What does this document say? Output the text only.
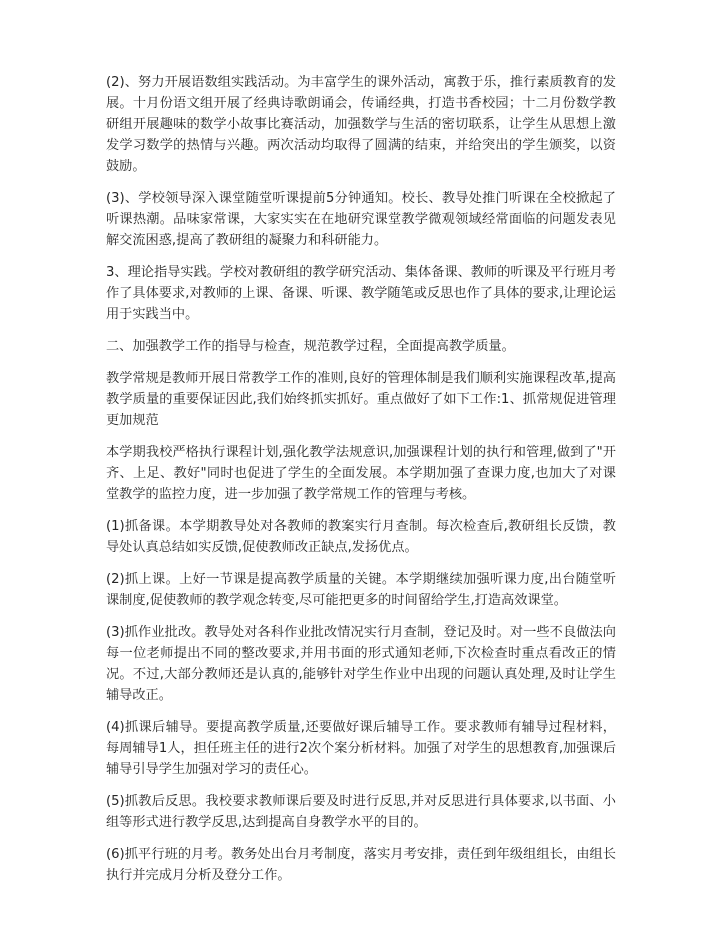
(2)、努力开展语数组实践活动。为丰富学生的课外活动，寓教于乐，推行素质教育的发展。十月份语文组开展了经典诗歌朗诵会，传诵经典，打造书香校园；十二月份数学教研组开展趣味的数学小故事比赛活动，加强数学与生活的密切联系，让学生从思想上激发学习数学的热情与兴趣。两次活动均取得了圆满的结束，并给突出的学生颁奖，以资鼓励。

(3)、学校领导深入课堂随堂听课提前5分钟通知。校长、教导处推门听课在全校掀起了听课热潮。品味家常课，大家实实在在地研究课堂教学微观领域经常面临的问题发表见解交流困惑,提高了教研组的凝聚力和科研能力。

3、理论指导实践。学校对教研组的教学研究活动、集体备课、教师的听课及平行班月考作了具体要求,对教师的上课、备课、听课、教学随笔或反思也作了具体的要求,让理论运用于实践当中。

二、加强教学工作的指导与检查，规范教学过程，全面提高教学质量。

教学常规是教师开展日常教学工作的准则,良好的管理体制是我们顺利实施课程改革,提高教学质量的重要保证因此,我们始终抓实抓好。重点做好了如下工作:1、抓常规促进管理更加规范

本学期我校严格执行课程计划,强化教学法规意识,加强课程计划的执行和管理,做到了"开齐、上足、教好"同时也促进了学生的全面发展。本学期加强了查课力度,也加大了对课堂教学的监控力度，进一步加强了教学常规工作的管理与考核。

(1)抓备课。本学期教导处对各教师的教案实行月查制。每次检查后,教研组长反馈，教导处认真总结如实反馈,促使教师改正缺点,发扬优点。

(2)抓上课。上好一节课是提高教学质量的关键。本学期继续加强听课力度,出台随堂听课制度,促使教师的教学观念转变,尽可能把更多的时间留给学生,打造高效课堂。

(3)抓作业批改。教导处对各科作业批改情况实行月查制，登记及时。对一些不良做法向每一位老师提出不同的整改要求,并用书面的形式通知老师,下次检查时重点看改正的情况。不过,大部分教师还是认真的,能够针对学生作业中出现的问题认真处理,及时让学生辅导改正。

(4)抓课后辅导。要提高教学质量,还要做好课后辅导工作。要求教师有辅导过程材料，每周辅导1人，担任班主任的进行2次个案分析材料。加强了对学生的思想教育,加强课后辅导引导学生加强对学习的责任心。

(5)抓教后反思。我校要求教师课后要及时进行反思,并对反思进行具体要求,以书面、小组等形式进行教学反思,达到提高自身教学水平的目的。

(6)抓平行班的月考。教务处出台月考制度，落实月考安排，责任到年级组组长，由组长执行并完成月分析及登分工作。
